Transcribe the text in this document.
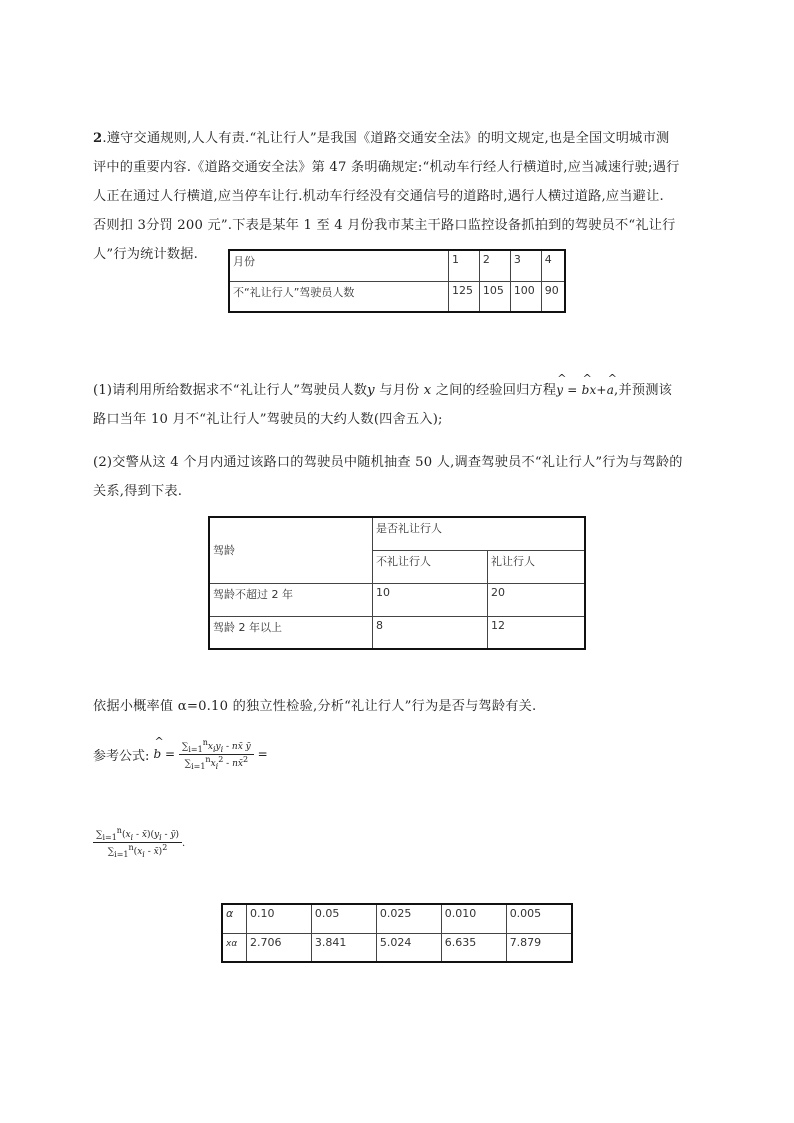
2.遵守交通规则,人人有责.“礼让行人”是我国《道路交通安全法》的明文规定,也是全国文明城市测
评中的重要内容.《道路交通安全法》第 47 条明确规定:“机动车行经人行横道时,应当减速行驶;遇行
人正在通过人行横道,应当停车让行.机动车行经没有交通信号的道路时,遇行人横过道路,应当避让.
否则扣 3分罚 200 元”.下表是某年 1 至 4 月份我市某主干路口监控设备抓拍到的驾驶员不“礼让行
人”行为统计数据.	月份	1	2	3	4
不“礼让行人”驾驶员人数	125	105	100	90
(1)请利用所给数据求不“礼让行人”驾驶员人数y 与月份 x 之间的经验回归方程^ y = ^ bx+^ a,并预测该
路口当年 10 月不“礼让行人”驾驶员的大约人数(四舍五入);
(2)交警从这 4 个月内通过该路口的驾驶员中随机抽查 50 人,调查驾驶员不“礼让行人”行为与驾龄的
关系,得到下表.
驾龄	是否礼让行人	
	不礼让行人	礼让行人
驾龄不超过 2 年	10	20
驾龄 2 年以上	8	12
依据小概率值 α=0.10 的独立性检验,分析“礼让行人”行为是否与驾龄有关.
参考公式: ^ $b = \frac{\sum_{i=1}^nx_iy_i - nx̄ ȳ}{\sum_{i=1}^nx_i^2 - nx̄^2}$ =
$\frac{\sum_{i=1}^n(x_i - x̄)(y_i - ȳ)}{\sum_{i=1}^n(x_i - x̄)^2}$ .
α	0.10	0.05	0.025	0.010	0.005
xα	2.706	3.841	5.024	6.635	7.879
